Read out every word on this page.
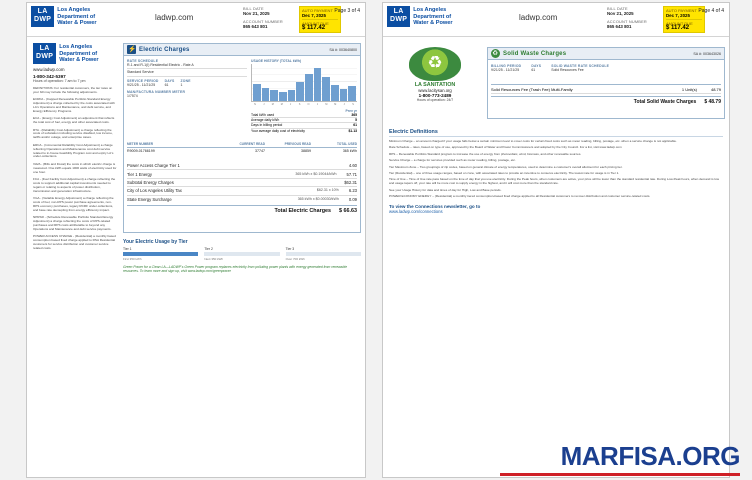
LA
DWP
Los Angeles
Department of
Water & Power
ladwp.com
BILL DATE
Nov 21, 2025
ACCOUNT NUMBER
865 643 801
AUTO PAYMENT
Dec 7, 2025
AMOUNT DUE
$ 117.42
Page 3 of 4
LA
DWP
Los Angeles
Department of
Water & Power
www.ladwp.com
1-800-342-5397
Hours of operation: 7 am to 7 pm

DEFINITIONS: For residential customers, the tier rates on your bill may include the following adjustments.

ECRFA - (Capped Renewable Portfolio Standard Energy Adjustment) a charge collected by the costs associated with LA's Operations and Maintenance, and debt service, and Energy Efficiency Programs.

ECA - (Energy Cost Adjustment) an adjustment that reflects the total cost of fuel, energy and other associated costs.

RTA - (Reliability Cost Adjustment) a charge reflecting the costs of substation including service disabled, low income, tariffs and/or outage, and enterprise cases.

ERCA - (Incremental Reliability Cost Adjustment) a charge reflecting Operations and Maintenance cost debt service related to in-house feasibility Program cost and expiry LA's under-collections.

VAVA - (Bills and Fiscal) the costs in which electric charge is measured. One kWh equals 1000 watts of electricity used for one hour.

FCA - (Fuel Facility Cost Adjustment) a charge reflecting the costs to support additional capital investments needed to regain or relating to aspects of power distribution, transmission and generation infrastructure.

VGA - (Variable Energy Adjustment) a charge reflecting the costs of fuel, non-RPS power purchase agreements, non-RPS economy purchases, legacy RCRF under-collections, and base rate decoupling from energy efficiency impact.

NPRSR - (Schedule Renewable Portfolio Standard Energy Adjustment) a charge reflecting the costs of RPS-related purchases and RPS costs attributable to beyond any Operations and Maintenance and debt service payments.

POWER ACCESS CHARGE - (Residential) a monthly based consumption based fixed charge applied to RSA Residential customers for service distribution and customer service related costs.

⚡
Electric Charges	SA #: 003640800
RATE SCHEDULE
R-1 and R-1(I) Residential Electric - Rate A
Standard Service
SERVICE PERIOD
9/21/25 - 11/21/25
DAYS
61
ZONE
1
MAN/FACTURA NUMBER METER
1/7574
USAGE HISTORY (TOTAL kWh)
N	J	M	M	J	S	N	J	M	M	J	S
Prev yr
Total kWh used	365
Average daily kWh	5
Days in billing period	61
Your average daily cost of electricity	$1.13
METER NUMBER	CURRENT READ	PREVIOUS READ	TOTAL USED
R9009-01766199	37747	38859	365 kWh
Power Access Charge Tier 1	4.60
Tier 1 Energy	365 kWh x $0.19044/kWh 57.71
Subtotal Energy Charges	$62.31
City of Los Angeles Utility Tax	$62.31 x 10% 6.23
State Energy Surcharge	365 kWh x $0.00030/kWh 0.09
Total Electric Charges $ 66.63
Your Electric Usage by Tier
Tier 1
First 350 kWh
Tier 2
Next 350 kWh
Tier 3
Over 700 kWh
Green Power for a Clean LA—LADWP's Green Power program replaces electricity from polluting power plants with energy generated from renewable resources. To learn more and sign up, visit www.ladwp.com/greenpower
LA
DWP
Los Angeles
Department of
Water & Power
ladwp.com
BILL DATE
Nov 21, 2025
ACCOUNT NUMBER
865 643 801
AUTO PAYMENT
Dec 7, 2025
AMOUNT DUE
$ 117.42
Page 4 of 4
♻
LA SANITATION
www.lacitysan.org
1-800-773-2489
Hours of operation: 24/7
♻
Solid Waste Charges	SA #: 003643026
BILLING PERIOD
9/21/25 - 11/21/25
DAYS
61
SOLID WASTE RATE SCHEDULE
Solid Resources Fee
Solid Resources Fee (Trash Fee) Multi-Family	1 Unit(s)	48.79
Total Solid Waste Charges $ 48.79
Electric Definitions

Minimum Charge – an amount charged if your usage falls below a certain minimum level to cover costs for certain fixed costs such as meter reading, billing, postage, etc. when a service change is not applicable.

Rate Schedule – rates, based on type of use, approved by the Board of Water and Power Commissioners and adopted by the City Council. For a list, visit www.ladwp.com

RPS – Renewable Portfolio Standard program to increase the use of energy from photovoltaic, wind, biomass, and other renewable sources.

Service Charge – a charge for services provided such as meter reading, billing, postage, etc.

Tier Maximum Zone – Two groupings of zip codes, based on general climate of energy temperatures, used to determine a customer's overall allotment for each pricing tier.

Tier (Residential) – one of three usage ranges, based on zone, with associated rates to provide an incentive to conserve electricity. The lowest rate for usage is in Tier 1.

Time of Use – Time of Use rate pass based on the time of day that you use electricity. During the Peak hours, when customers are active, your price will be lower than the standard residential rate. During Low-Peak hours, when demand is low and usage tapers off, your rate will be more cost to supply energy in the highest, and it will cost more than the standard rate.

See your Usage History for data and times of day for High, Low and Base periods.

POWER ECONOMY ENERGY – (Residential) a monthly tiered consumption-based fixed charge applied to all Residential customers to recover distribution and customer service-related costs.

To view the Connections newsletter, go to
www.ladwp.com/connections
MARFISA.ORG
